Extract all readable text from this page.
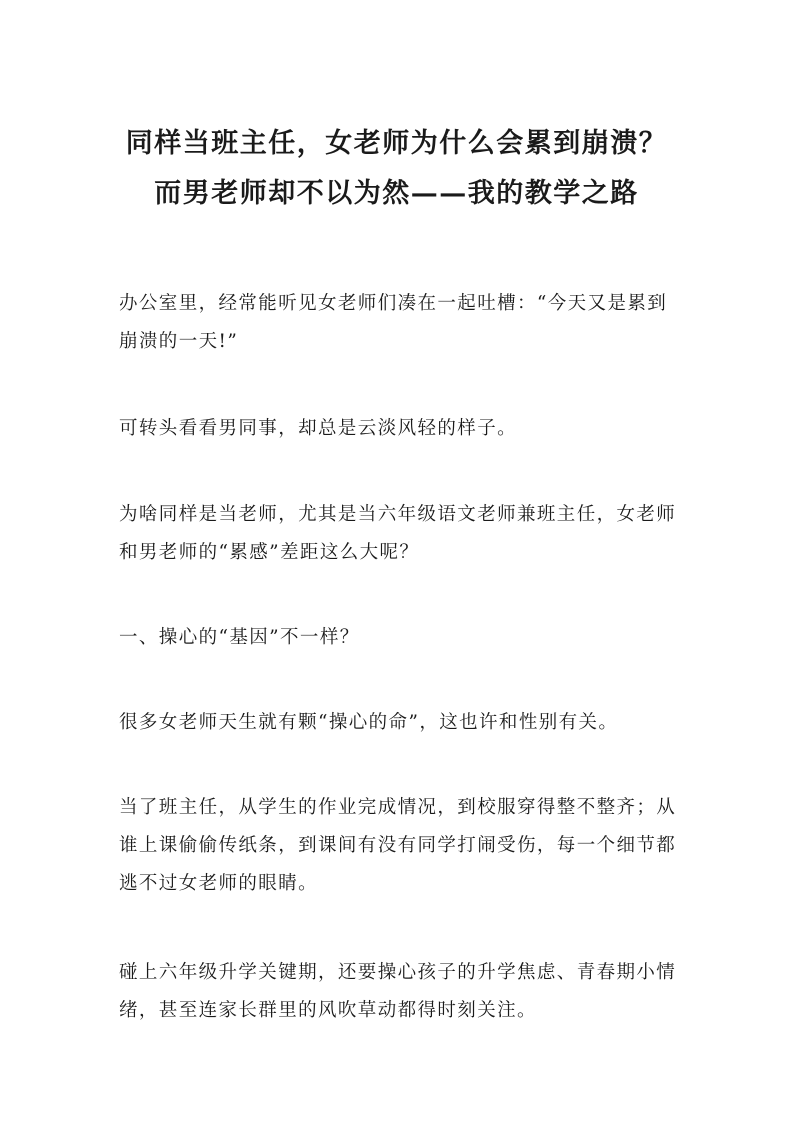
同样当班主任，女老师为什么会累到崩溃？
而男老师却不以为然——我的教学之路

办公室里，经常能听见女老师们凑在一起吐槽：“今天又是累到崩溃的一天!”

可转头看看男同事，却总是云淡风轻的样子。

为啥同样是当老师，尤其是当六年级语文老师兼班主任，女老师和男老师的“累感”差距这么大呢？

一、操心的“基因”不一样？

很多女老师天生就有颗“操心的命”，这也许和性别有关。

当了班主任，从学生的作业完成情况，到校服穿得整不整齐；从谁上课偷偷传纸条，到课间有没有同学打闹受伤，每一个细节都逃不过女老师的眼睛。

碰上六年级升学关键期，还要操心孩子的升学焦虑、青春期小情绪，甚至连家长群里的风吹草动都得时刻关注。
